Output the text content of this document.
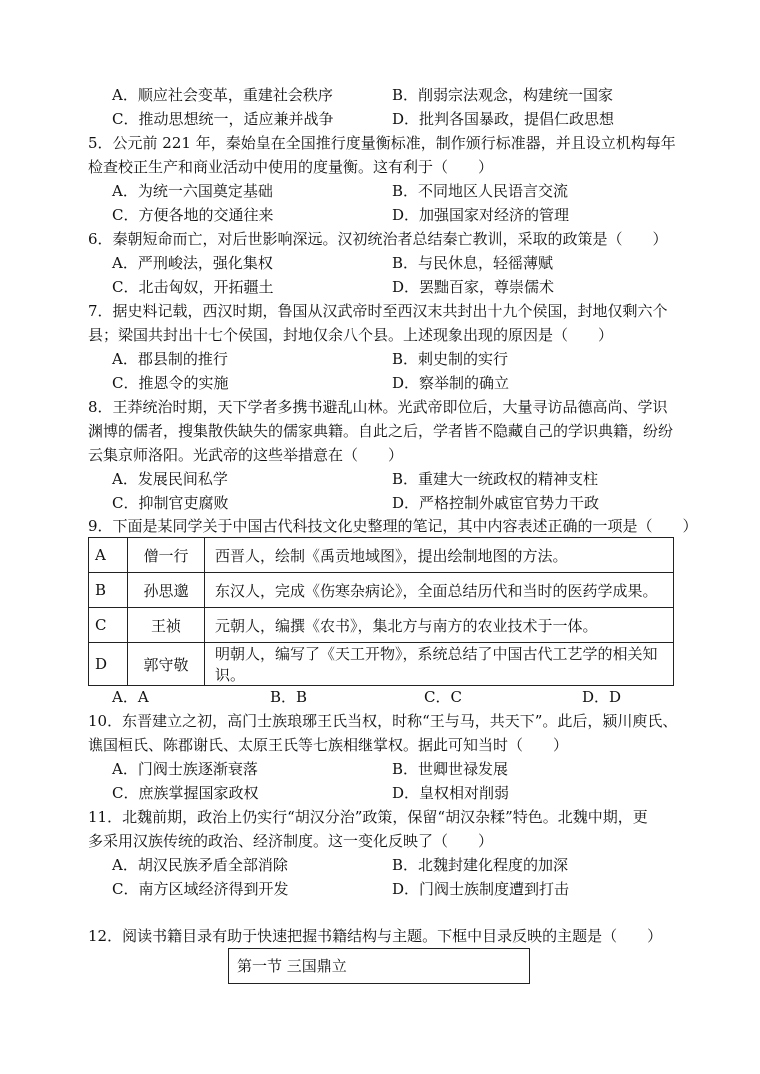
A．顺应社会变革，重建社会秩序	B．削弱宗法观念，构建统一国家
C．推动思想统一，适应兼并战争	D．批判各国暴政，提倡仁政思想
5．公元前 221 年，秦始皇在全国推行度量衡标准，制作颁行标准器，并且设立机构每年
检查校正生产和商业活动中使用的度量衡。这有利于（　　）
A．为统一六国奠定基础	B．不同地区人民语言交流
C．方便各地的交通往来	D．加强国家对经济的管理
6．秦朝短命而亡，对后世影响深远。汉初统治者总结秦亡教训，采取的政策是（　　）
A．严刑峻法，强化集权	B．与民休息，轻徭薄赋
C．北击匈奴，开拓疆土	D．罢黜百家，尊崇儒术
7．据史料记载，西汉时期，鲁国从汉武帝时至西汉末共封出十九个侯国，封地仅剩六个
县；梁国共封出十七个侯国，封地仅余八个县。上述现象出现的原因是（　　）
A．郡县制的推行	B．刺史制的实行
C．推恩令的实施	D．察举制的确立
8．王莽统治时期，天下学者多携书避乱山林。光武帝即位后，大量寻访品德高尚、学识
渊博的儒者，搜集散佚缺失的儒家典籍。自此之后，学者皆不隐藏自己的学识典籍，纷纷
云集京师洛阳。光武帝的这些举措意在（　　）
A．发展民间私学	B．重建大一统政权的精神支柱
C．抑制官吏腐败	D．严格控制外戚宦官势力干政
9．下面是某同学关于中国古代科技文化史整理的笔记，其中内容表述正确的一项是（　　）
A	僧一行	西晋人，绘制《禹贡地域图》，提出绘制地图的方法。
B	孙思邈	东汉人，完成《伤寒杂病论》，全面总结历代和当时的医药学成果。
C	王祯	元朝人，编撰《农书》，集北方与南方的农业技术于一体。
D	郭守敬	明朝人，编写了《天工开物》，系统总结了中国古代工艺学的相关知识。
A．A	B．B	C．C	D．D
10．东晋建立之初，高门士族琅琊王氏当权，时称“王与马，共天下”。此后，颍川庾氏、
谯国桓氏、陈郡谢氏、太原王氏等七族相继掌权。据此可知当时（　　）
A．门阀士族逐渐衰落	B．世卿世禄发展
C．庶族掌握国家政权	D．皇权相对削弱
11．北魏前期，政治上仍实行“胡汉分治”政策，保留“胡汉杂糅”特色。北魏中期，更
多采用汉族传统的政治、经济制度。这一变化反映了（　　）
A．胡汉民族矛盾全部消除	B．北魏封建化程度的加深
C．南方区域经济得到开发	D．门阀士族制度遭到打击
12．阅读书籍目录有助于快速把握书籍结构与主题。下框中目录反映的主题是（　　）
第一节 三国鼎立
